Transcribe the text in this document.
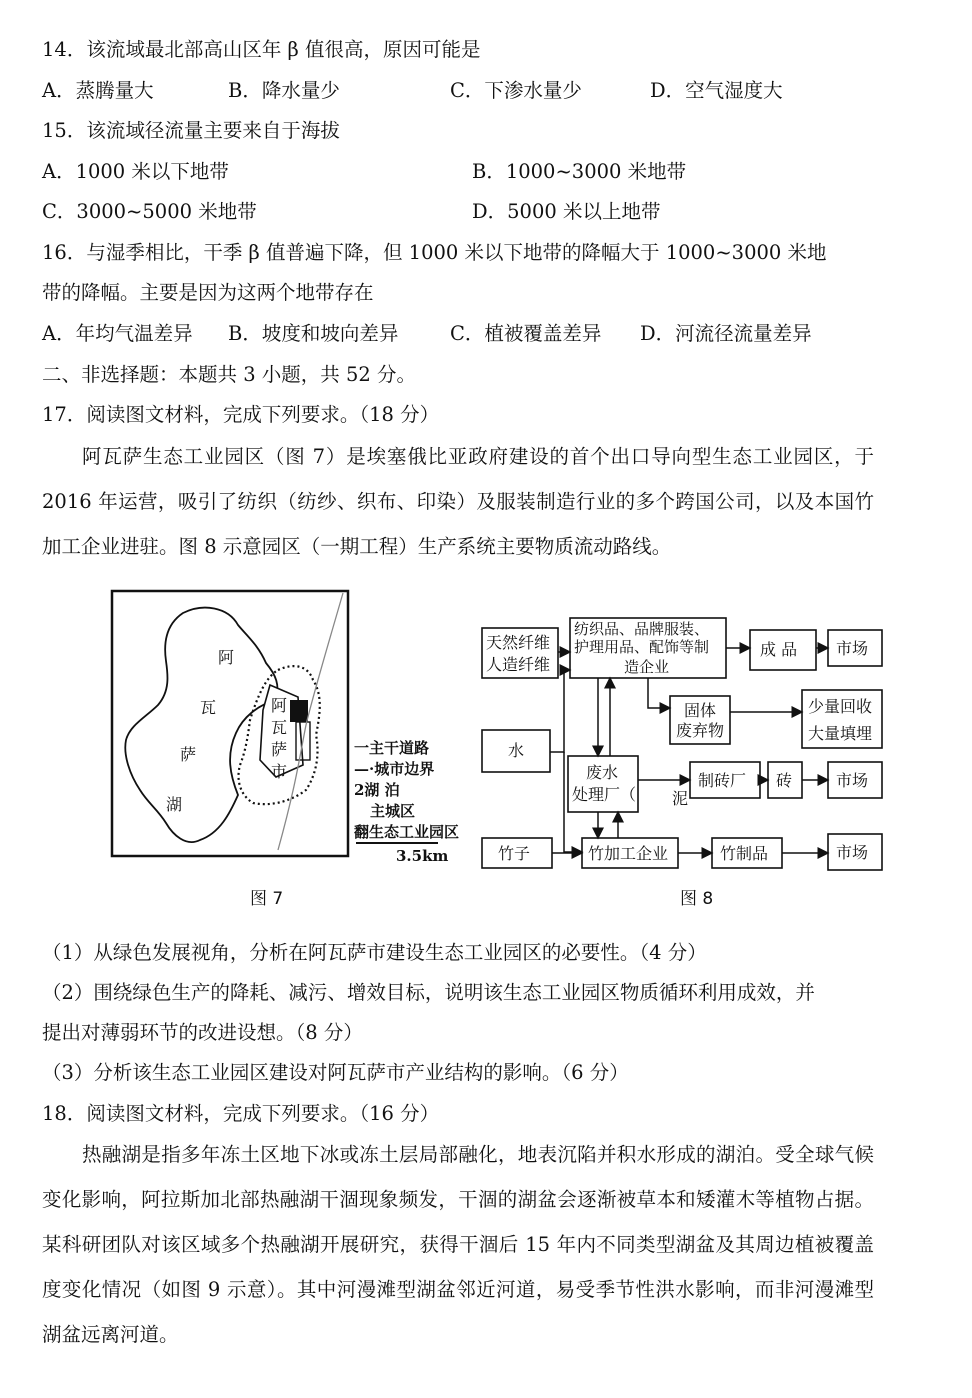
14．该流域最北部高山区年 β 值很高，原因可能是
A．蒸腾量大	B．降水量少	C．下渗水量少	D．空气湿度大
15．该流域径流量主要来自于海拔
A．1000 米以下地带	B．1000~3000 米地带
C．3000~5000 米地带	D．5000 米以上地带
16．与湿季相比，干季 β 值普遍下降，但 1000 米以下地带的降幅大于 1000~3000 米地
带的降幅。主要是因为这两个地带存在
A．年均气温差异 B．坡度和坡向差异	C．植被覆盖差异 D．河流径流量差异
二、非选择题：本题共 3 小题，共 52 分。
17．阅读图文材料，完成下列要求。（18 分）
阿瓦萨生态工业园区（图 7）是埃塞俄比亚政府建设的首个出口导向型生态工业园区，于 2016 年运营，吸引了纺织（纺纱、织布、印染）及服装制造行业的多个跨国公司，以及本国竹加工企业进驻。图 8 示意园区（一期工程）生产系统主要物质流动路线。
阿
瓦
萨
湖
阿
瓦
萨
市
一主干道路
—·城市边界
2湖 泊
主城区
翻生态工业园区
3.5km
图 7
天然纤维
人造纤维
纺织品、品牌服装、
护理用品、配饰等制
造企业
成 品 市场
固体
废弃物
少量回收
大量填埋
水
废水
处理厂（ 泥
制砖厂 砖	市场
竹子	竹加工企业	竹制品	市场
图 8
（1）从绿色发展视角，分析在阿瓦萨市建设生态工业园区的必要性。（4 分）
（2）围绕绿色生产的降耗、减污、增效目标，说明该生态工业园区物质循环利用成效，并
提出对薄弱环节的改进设想。（8 分）
（3）分析该生态工业园区建设对阿瓦萨市产业结构的影响。（6 分）
18．阅读图文材料，完成下列要求。（16 分）
热融湖是指多年冻土区地下冰或冻土层局部融化，地表沉陷并积水形成的湖泊。受全球气候变化影响，阿拉斯加北部热融湖干涸现象频发，干涸的湖盆会逐渐被草本和矮灌木等植物占据。某科研团队对该区域多个热融湖开展研究，获得干涸后 15 年内不同类型湖盆及其周边植被覆盖度变化情况（如图 9 示意）。其中河漫滩型湖盆邻近河道，易受季节性洪水影响，而非河漫滩型湖盆远离河道。
